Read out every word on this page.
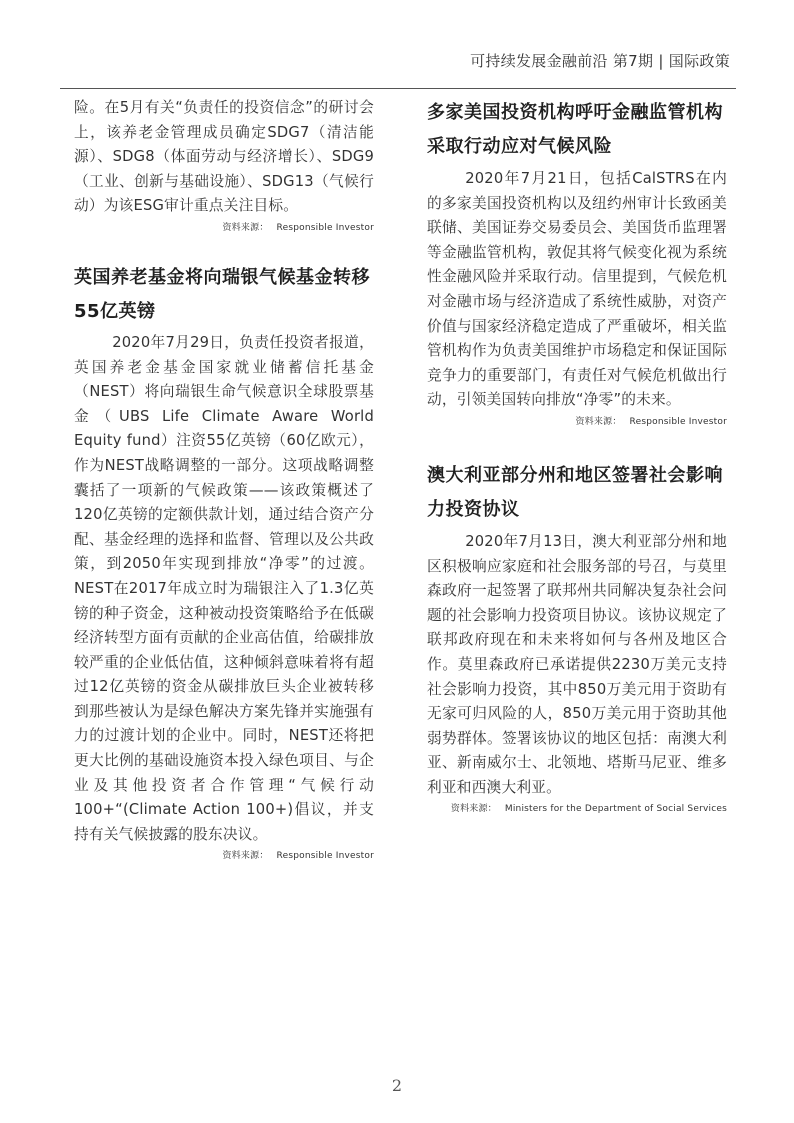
可持续发展金融前沿 第7期 | 国际政策

险。在5月有关“负责任的投资信念”的研讨会上，该养老金管理成员确定SDG7（清洁能源）、SDG8（体面劳动与经济增长）、SDG9（工业、创新与基础设施）、SDG13（气候行动）为该ESG审计重点关注目标。

资料来源： Responsible Investor
英国养老基金将向瑞银气候基金转移55亿英镑

2020年7月29日，负责任投资者报道，英国养老金基金国家就业储蓄信托基金（NEST）将向瑞银生命气候意识全球股票基金（UBS Life Climate Aware World Equity fund）注资55亿英镑（60亿欧元），作为NEST战略调整的一部分。这项战略调整囊括了一项新的气候政策——该政策概述了120亿英镑的定额供款计划，通过结合资产分配、基金经理的选择和监督、管理以及公共政策，到2050年实现到排放“净零”的过渡。NEST在2017年成立时为瑞银注入了1.3亿英镑的种子资金，这种被动投资策略给予在低碳经济转型方面有贡献的企业高估值，给碳排放较严重的企业低估值，这种倾斜意味着将有超过12亿英镑的资金从碳排放巨头企业被转移到那些被认为是绿色解决方案先锋并实施强有力的过渡计划的企业中。同时，NEST还将把更大比例的基础设施资本投入绿色项目、与企业及其他投资者合作管理“气候行动100+“(Climate Action 100+)倡议，并支持有关气候披露的股东决议。

资料来源： Responsible Investor
多家美国投资机构呼吁金融监管机构采取行动应对气候风险

2020年7月21日，包括CalSTRS在内的多家美国投资机构以及纽约州审计长致函美联储、美国证券交易委员会、美国货币监理署等金融监管机构，敦促其将气候变化视为系统性金融风险并采取行动。信里提到，气候危机对金融市场与经济造成了系统性威胁，对资产价值与国家经济稳定造成了严重破坏，相关监管机构作为负责美国维护市场稳定和保证国际竞争力的重要部门，有责任对气候危机做出行动，引领美国转向排放“净零”的未来。

资料来源： Responsible Investor
澳大利亚部分州和地区签署社会影响力投资协议

2020年7月13日，澳大利亚部分州和地区积极响应家庭和社会服务部的号召，与莫里森政府一起签署了联邦州共同解决复杂社会问题的社会影响力投资项目协议。该协议规定了联邦政府现在和未来将如何与各州及地区合作。莫里森政府已承诺提供2230万美元支持社会影响力投资，其中850万美元用于资助有无家可归风险的人，850万美元用于资助其他弱势群体。签署该协议的地区包括：南澳大利亚、新南威尔士、北领地、塔斯马尼亚、维多利亚和西澳大利亚。

资料来源： Ministers for the Department of Social Services
2
